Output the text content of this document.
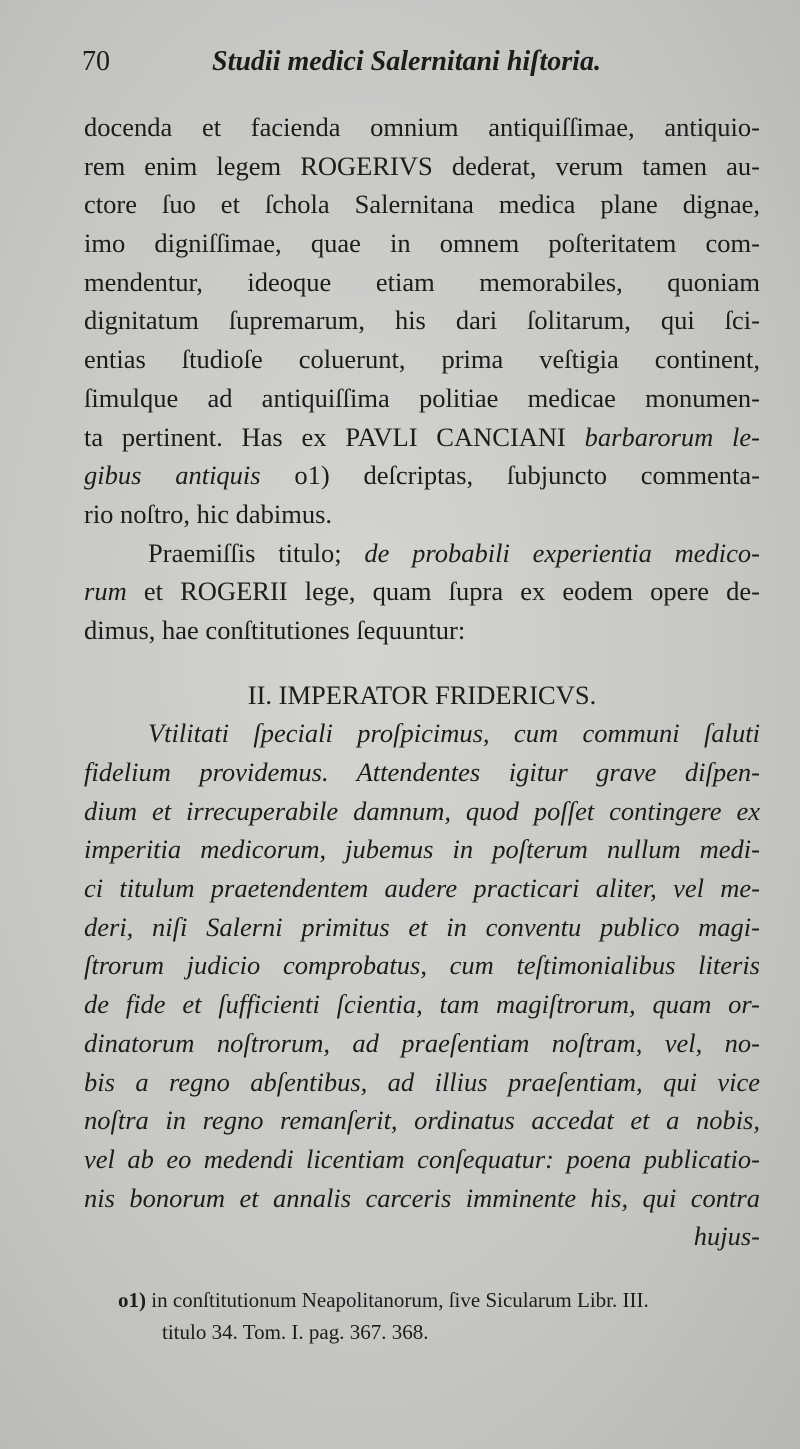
70	Studii medici Salernitani hiſtoria.
docenda et facienda omnium antiquiſſimae, antiquio-
rem enim legem ROGERIVS dederat, verum tamen au-
ctore ſuo et ſchola Salernitana medica plane dignae,
imo digniſſimae, quae in omnem poſteritatem com-
mendentur, ideoque etiam memorabiles, quoniam
dignitatum ſupremarum, his dari ſolitarum, qui ſci-
entias ſtudioſe coluerunt, prima veſtigia continent,
ſimulque ad antiquiſſima politiae medicae monumen-
ta pertinent. Has ex PAVLI CANCIANI barbarorum le-
gibus antiquis o1) deſcriptas, ſubjuncto commenta-
rio noſtro, hic dabimus.
Praemiſſis titulo; de probabili experientia medico-
rum et ROGERII lege, quam ſupra ex eodem opere de-
dimus, hae conſtitutiones ſequuntur:
II. IMPERATOR FRIDERICVS.
Vtilitati ſpeciali proſpicimus, cum communi ſaluti
fidelium providemus. Attendentes igitur grave diſpen-
dium et irrecuperabile damnum, quod poſſet contingere ex
imperitia medicorum, jubemus in poſterum nullum medi-
ci titulum praetendentem audere practicari aliter, vel me-
deri, niſi Salerni primitus et in conventu publico magi-
ſtrorum judicio comprobatus, cum teſtimonialibus literis
de fide et ſufficienti ſcientia, tam magiſtrorum, quam or-
dinatorum noſtrorum, ad praeſentiam noſtram, vel, no-
bis a regno abſentibus, ad illius praeſentiam, qui vice
noſtra in regno remanſerit, ordinatus accedat et a nobis,
vel ab eo medendi licentiam conſequatur: poena publicatio-
nis bonorum et annalis carceris imminente his, qui contra
hujus-
o1) in conſtitutionum Neapolitanorum, ſive Sicularum Libr. III.
titulo 34. Tom. I. pag. 367. 368.
